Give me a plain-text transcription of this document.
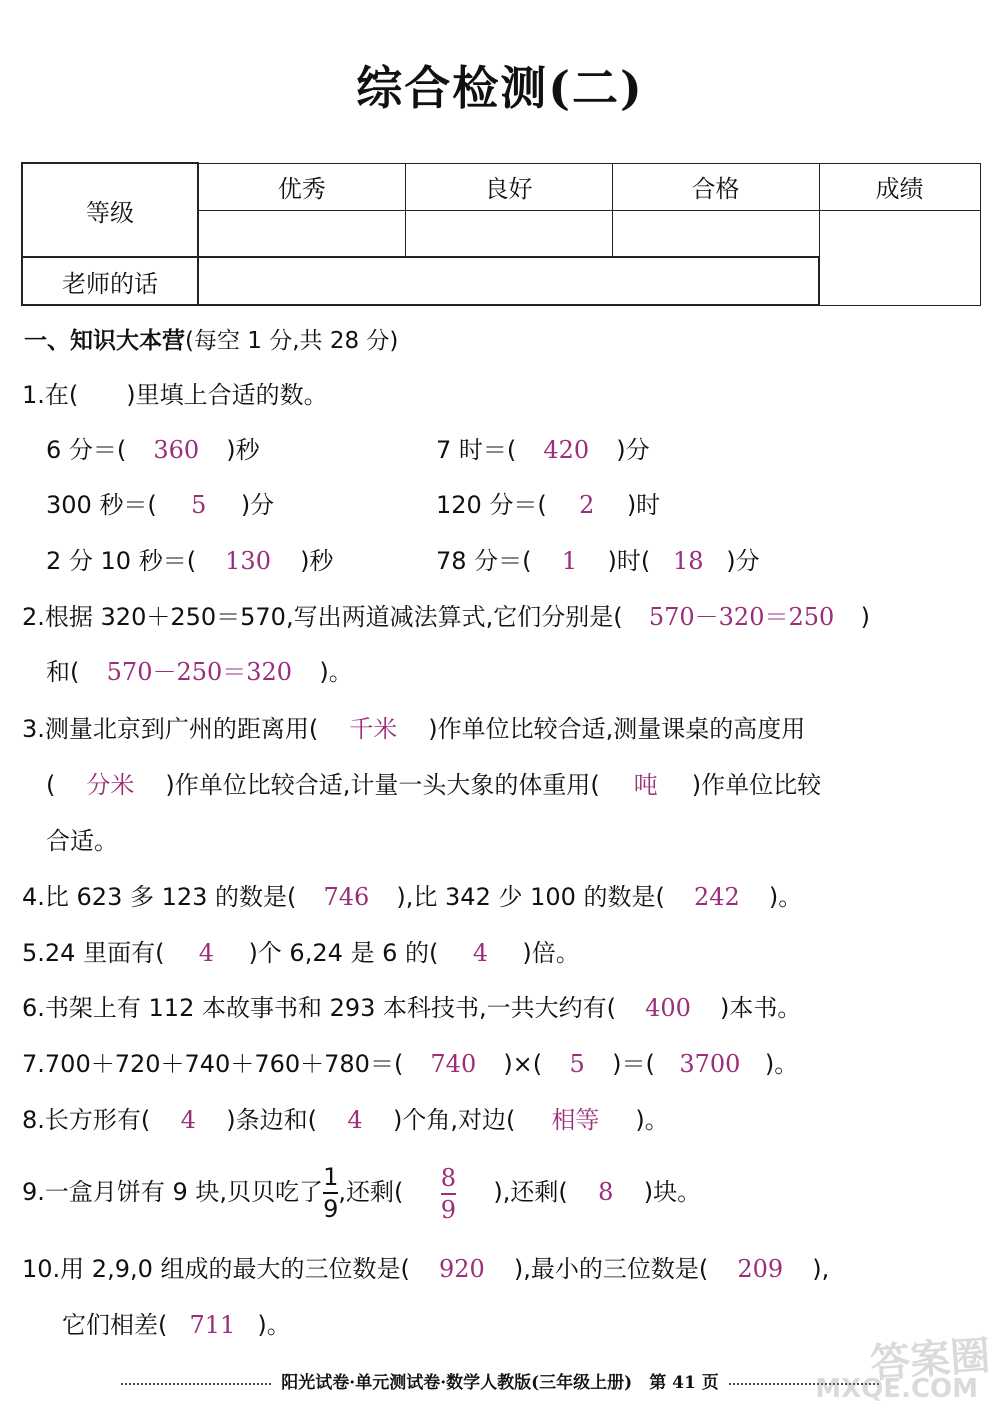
综合检测(二)
等级	优秀	良好	合格	成绩

老师的话				
一、知识大本营(每空 1 分,共 28 分)
1.在(　　)里填上合适的数。
6 分＝( 360 )秒	7 时＝( 420 )分
300 秒＝( 5 )分	120 分＝( 2 )时
2 分 10 秒＝( 130 )秒	78 分＝( 1 )时( 18 )分
2.根据 320＋250＝570,写出两道减法算式,它们分别是( 570－320＝250 )
和( 570－250＝320 )。
3.测量北京到广州的距离用( 千米 )作单位比较合适,测量课桌的高度用
( 分米 )作单位比较合适,计量一头大象的体重用( 吨 )作单位比较
合适。
4.比 623 多 123 的数是( 746 ),比 342 少 100 的数是( 242 )。
5.24 里面有( 4 )个 6,24 是 6 的( 4 )倍。
6.书架上有 112 本故事书和 293 本科技书,一共大约有( 400 )本书。
7.700＋720＋740＋760＋780＝( 740 )×( 5 )＝( 3700 )。
8.长方形有( 4 )条边和( 4 )个角,对边( 相等 )。
9.一盒月饼有 9 块,贝贝吃了 $\frac{1}{9}$ ,还剩( $\frac{8}{9}$ ),还剩( 8 )块。
10.用 2,9,0 组成的最大的三位数是( 920 ),最小的三位数是( 209 ),
它们相差( 711 )。
阳光试卷·单元测试卷·数学人教版(三年级上册)　第 41 页	答案圈
MXQE.COM
